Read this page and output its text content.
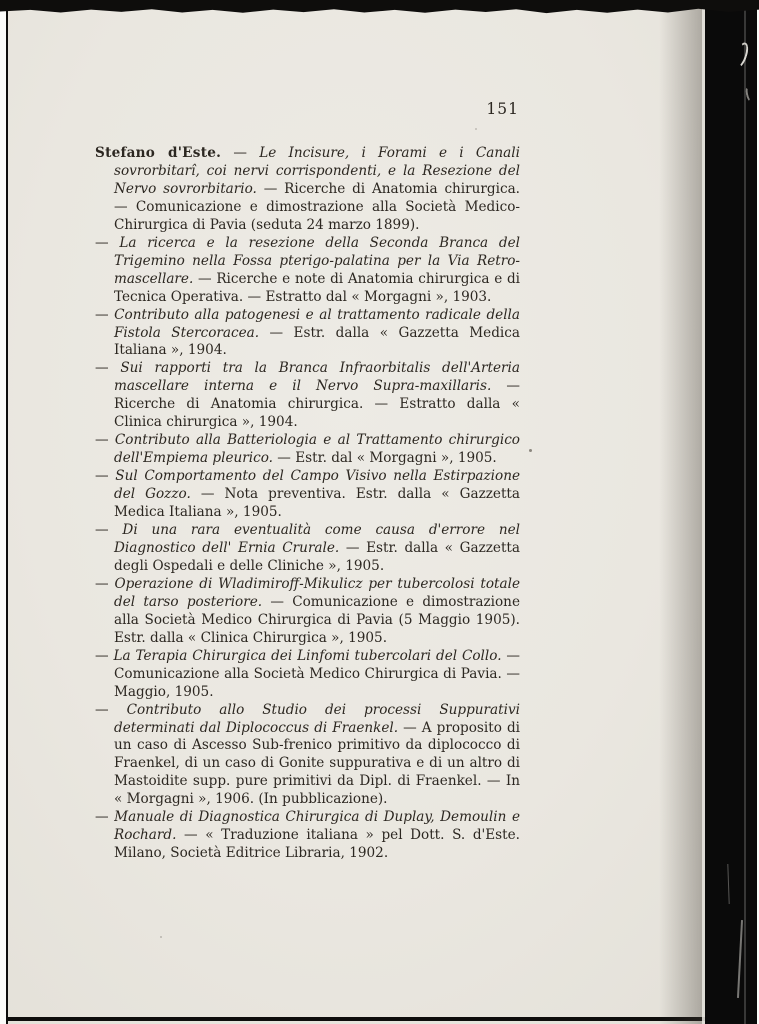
151

Stefano d'Este. — Le Incisure, i Forami e i Canali sovrorbitarî, coi nervi corrispondenti, e la Resezione del Nervo sovrorbitario. — Ricerche di Anatomia chirurgica. — Comunicazione e dimostrazione alla Società Medico-Chirurgica di Pavia (seduta 24 marzo 1899).

— La ricerca e la resezione della Seconda Branca del Trigemino nella Fossa pterigo-palatina per la Via Retro-mascellare. — Ricerche e note di Anatomia chirurgica e di Tecnica Operativa. — Estratto dal « Morgagni », 1903.

— Contributo alla patogenesi e al trattamento radicale della Fistola Stercoracea. — Estr. dalla « Gazzetta Medica Italiana », 1904.

— Sui rapporti tra la Branca Infraorbitalis dell'Arteria mascellare interna e il Nervo Supra-maxillaris. — Ricerche di Anatomia chirurgica. — Estratto dalla « Clinica chirurgica », 1904.

— Contributo alla Batteriologia e al Trattamento chirurgico dell'Empiema pleurico. — Estr. dal « Morgagni », 1905.

— Sul Comportamento del Campo Visivo nella Estirpazione del Gozzo. — Nota preventiva. Estr. dalla « Gazzetta Medica Italiana », 1905.

— Di una rara eventualità come causa d'errore nel Diagnostico dell' Ernia Crurale. — Estr. dalla « Gazzetta degli Ospedali e delle Cliniche », 1905.

— Operazione di Wladimiroff-Mikulicz per tubercolosi totale del tarso posteriore. — Comunicazione e dimostrazione alla Società Medico Chirurgica di Pavia (5 Maggio 1905). Estr. dalla « Clinica Chirurgica », 1905.

— La Terapia Chirurgica dei Linfomi tubercolari del Collo. — Comunicazione alla Società Medico Chirurgica di Pavia. — Maggio, 1905.

— Contributo allo Studio dei processi Suppurativi determinati dal Diplococcus di Fraenkel. — A proposito di un caso di Ascesso Sub-frenico primitivo da diplococco di Fraenkel, di un caso di Gonite suppurativa e di un altro di Mastoidite supp. pure primitivi da Dipl. di Fraenkel. — In « Morgagni », 1906. (In pubblicazione).

— Manuale di Diagnostica Chirurgica di Duplay, Demoulin e Rochard. — « Traduzione italiana » pel Dott. S. d'Este. Milano, Società Editrice Libraria, 1902.
